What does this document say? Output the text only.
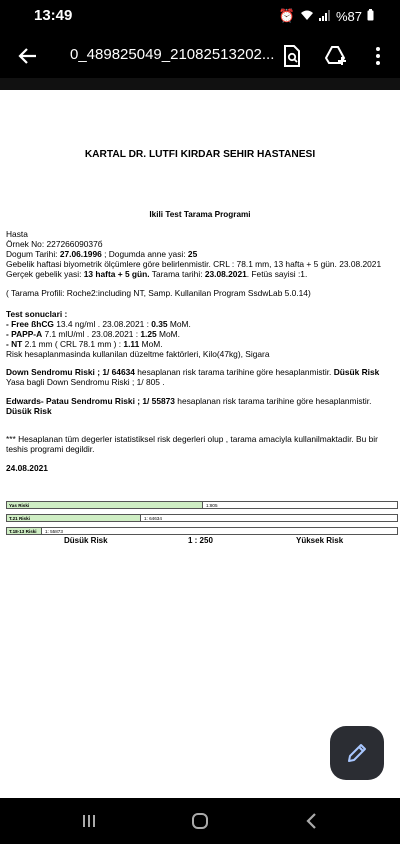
13:49	⏰	%87
0_489825049_21082513202...
KARTAL DR. LUTFI KIRDAR SEHIR HASTANESI
Ikili Test Tarama Programi
Hasta
Örnek No: 22726609037б
Dogum Tarihi: 27.06.1996 ; Dogumda anne yasi: 25
Gebelik haftasi biyometrik ölçümlere göre belirlenmistir. CRL : 78.1 mm, 13 hafta + 5 gün. 23.08.2021
Gerçek gebelik yasi: 13 hafta + 5 gün. Tarama tarihi: 23.08.2021. Fetüs sayisi :1.
( Tarama Profili: Roche2:including NT, Samp. Kullanilan Program SsdwLab 5.0.14)
Test sonuclari :
- Free ßhCG 13.4 ng/ml . 23.08.2021 : 0.35 MoM.
- PAPP-A 7.1 mlU/ml . 23.08.2021 : 1.25 MoM.
- NT 2.1 mm ( CRL 78.1 mm ) : 1.11 MoM.
Risk hesaplanmasinda kullanilan düzeltme faktörleri, Kilo(47kg), Sigara
Down Sendromu Riski ; 1/ 64634 hesaplanan risk tarama tarihine göre hesaplanmistir. Düsük Risk
Yasa bagli Down Sendromu Riski ; 1/ 805 .
Edwards- Patau Sendromu Riski ; 1/ 55873 hesaplanan risk tarama tarihine göre hesaplanmistir.
Düsük Risk
*** Hesaplanan tüm degerler istatistiksel risk degerleri olup , tarama amaciyla kullanilmaktadir. Bu bir
teshis programi degildir.
24.08.2021
Yas Riski	1:805
T.21 Riski	1: 64634
T.18-13 Riski 1: 55873
Düsük Risk	1 : 250	Yüksek Risk
